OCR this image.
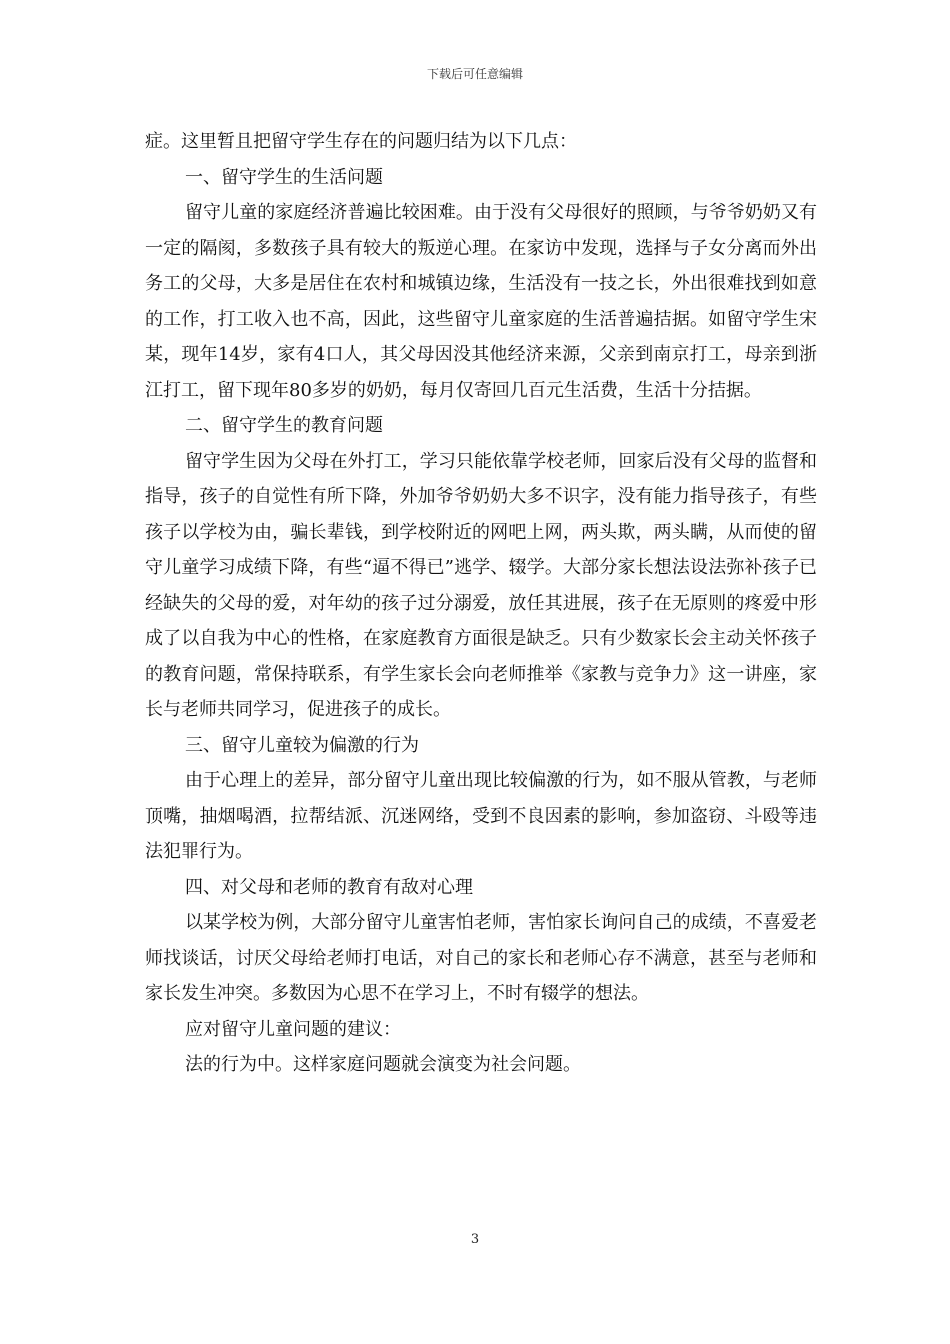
下载后可任意编辑

症。这里暂且把留守学生存在的问题归结为以下几点：

一、留守学生的生活问题

留守儿童的家庭经济普遍比较困难。由于没有父母很好的照顾，与爷爷奶奶又有一定的隔阂，多数孩子具有较大的叛逆心理。在家访中发现，选择与子女分离而外出务工的父母，大多是居住在农村和城镇边缘，生活没有一技之长，外出很难找到如意的工作，打工收入也不高，因此，这些留守儿童家庭的生活普遍拮据。如留守学生宋某，现年14岁，家有4口人，其父母因没其他经济来源，父亲到南京打工，母亲到浙江打工，留下现年80多岁的奶奶，每月仅寄回几百元生活费，生活十分拮据。

二、留守学生的教育问题

留守学生因为父母在外打工，学习只能依靠学校老师，回家后没有父母的监督和指导，孩子的自觉性有所下降，外加爷爷奶奶大多不识字，没有能力指导孩子，有些孩子以学校为由，骗长辈钱，到学校附近的网吧上网，两头欺，两头瞒，从而使的留守儿童学习成绩下降，有些“逼不得已”逃学、辍学。大部分家长想法设法弥补孩子已经缺失的父母的爱，对年幼的孩子过分溺爱，放任其进展，孩子在无原则的疼爱中形成了以自我为中心的性格，在家庭教育方面很是缺乏。只有少数家长会主动关怀孩子的教育问题，常保持联系，有学生家长会向老师推举《家教与竞争力》这一讲座，家长与老师共同学习，促进孩子的成长。

三、留守儿童较为偏激的行为

由于心理上的差异，部分留守儿童出现比较偏激的行为，如不服从管教，与老师顶嘴，抽烟喝酒，拉帮结派、沉迷网络，受到不良因素的影响，参加盗窃、斗殴等违法犯罪行为。

四、对父母和老师的教育有敌对心理

以某学校为例，大部分留守儿童害怕老师，害怕家长询问自己的成绩，不喜爱老师找谈话，讨厌父母给老师打电话，对自己的家长和老师心存不满意，甚至与老师和家长发生冲突。多数因为心思不在学习上，不时有辍学的想法。

应对留守儿童问题的建议：

法的行为中。这样家庭问题就会演变为社会问题。

3
